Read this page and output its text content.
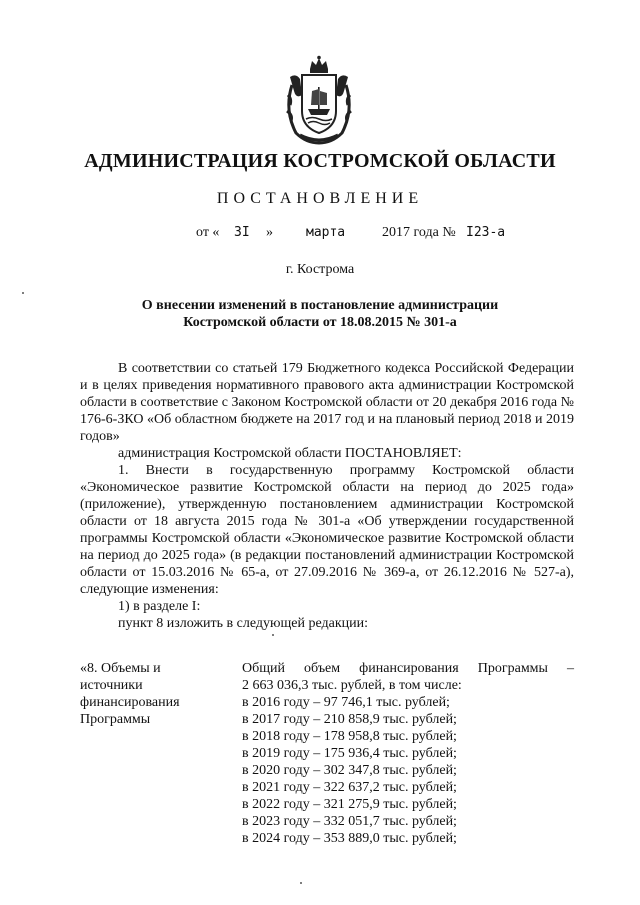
АДМИНИСТРАЦИЯ КОСТРОМСКОЙ ОБЛАСТИ
ПОСТАНОВЛЕНИЕ

от «

3I

»

	марта

	2017 года №

I23-а

г. Кострома
О внесении изменений в постановление администрации
Костромской области от 18.08.2015 № 301-а

В соответствии со статьей 179 Бюджетного кодекса Российской Федерации и в целях приведения нормативного правового акта администрации Костромской области в соответствие с Законом Костромской области от 20 декабря 2016 года № 176-6-ЗКО «Об областном бюджете на 2017 год и на плановый период 2018 и 2019 годов»

администрация Костромской области ПОСТАНОВЛЯЕТ:

1. Внести в государственную программу Костромской области «Экономическое развитие Костромской области на период до 2025 года» (приложение), утвержденную постановлением администрации Костромской области от 18 августа 2015 года № 301-а «Об утверждении государственной программы Костромской области «Экономическое развитие Костромской области на период до 2025 года» (в редакции постановлений администрации Костромской области от 15.03.2016 № 65-а, от 27.09.2016 № 369-а, от 26.12.2016 № 527-а), следующие изменения:

1) в разделе I:

пункт 8 изложить в следующей редакции:

«8. Объемы и
источники
финансирования
Программы
Общий объем финансирования Программы –
2 663 036,3 тыс. рублей, в том числе:
в 2016 году – 97 746,1 тыс. рублей;
в 2017 году – 210 858,9 тыс. рублей;
в 2018 году – 178 958,8 тыс. рублей;
в 2019 году – 175 936,4 тыс. рублей;
в 2020 году – 302 347,8 тыс. рублей;
в 2021 году – 322 637,2 тыс. рублей;
в 2022 году – 321 275,9 тыс. рублей;
в 2023 году – 332 051,7 тыс. рублей;
в 2024 году – 353 889,0 тыс. рублей;
